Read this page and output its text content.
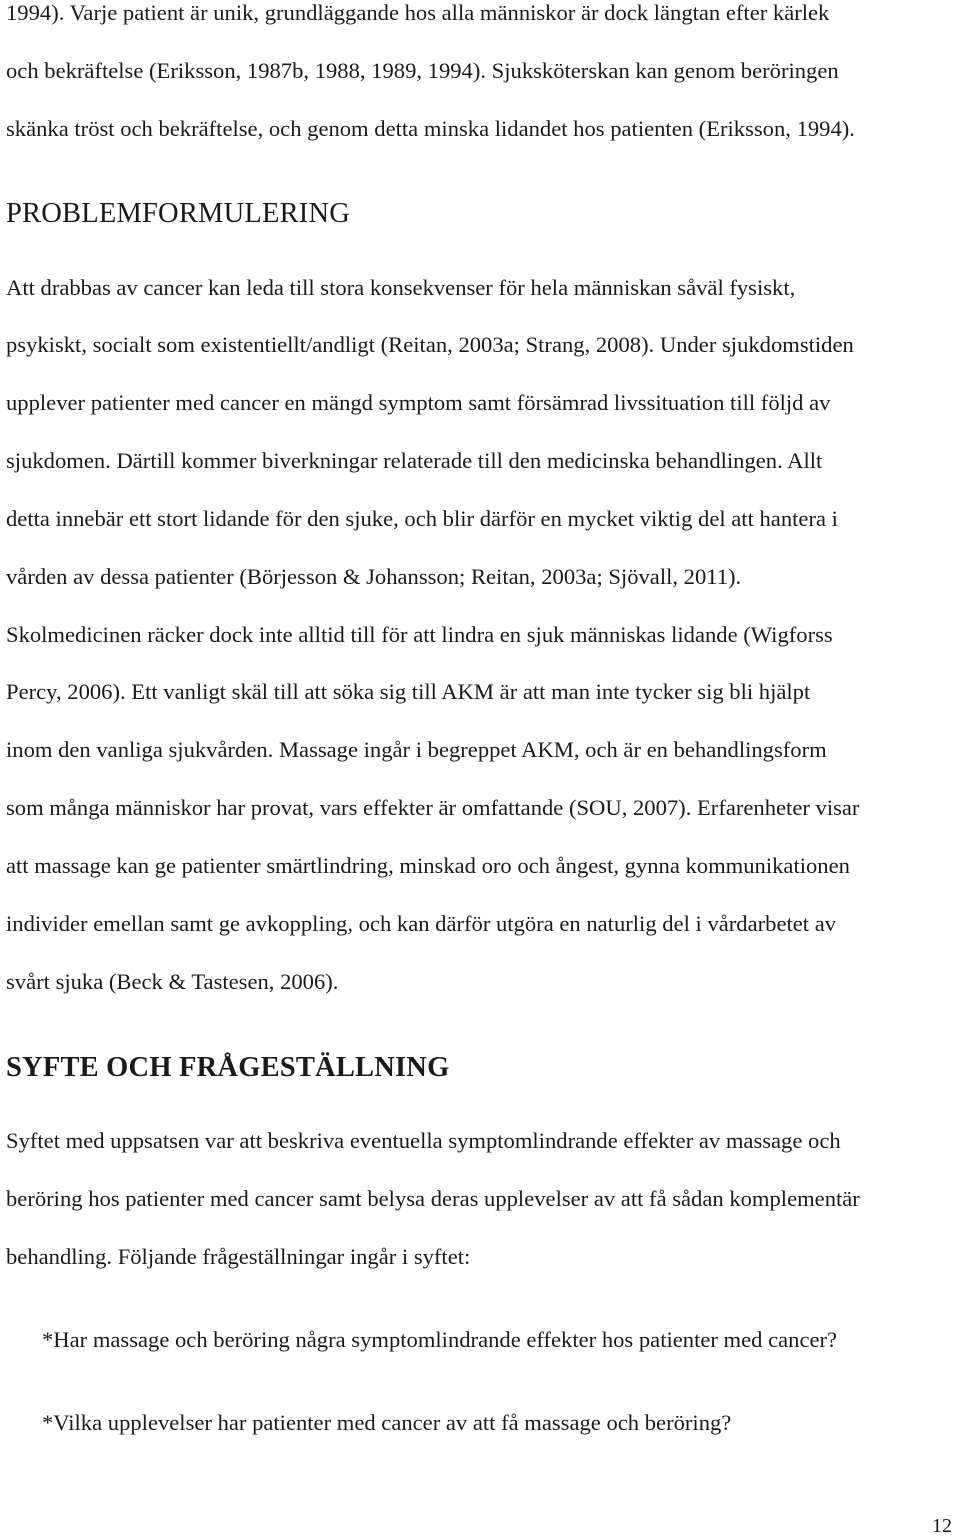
1994). Varje patient är unik, grundläggande hos alla människor är dock längtan efter kärlek

och bekräftelse (Eriksson, 1987b, 1988, 1989, 1994). Sjuksköterskan kan genom beröringen

skänka tröst och bekräftelse, och genom detta minska lidandet hos patienten (Eriksson, 1994).

PROBLEMFORMULERING

Att drabbas av cancer kan leda till stora konsekvenser för hela människan såväl fysiskt,

psykiskt, socialt som existentiellt/andligt (Reitan, 2003a; Strang, 2008). Under sjukdomstiden

upplever patienter med cancer en mängd symptom samt försämrad livssituation till följd av

sjukdomen. Därtill kommer biverkningar relaterade till den medicinska behandlingen. Allt

detta innebär ett stort lidande för den sjuke, och blir därför en mycket viktig del att hantera i

vården av dessa patienter (Börjesson & Johansson; Reitan, 2003a; Sjövall, 2011).

Skolmedicinen räcker dock inte alltid till för att lindra en sjuk människas lidande (Wigforss

Percy, 2006). Ett vanligt skäl till att söka sig till AKM är att man inte tycker sig bli hjälpt

inom den vanliga sjukvården. Massage ingår i begreppet AKM, och är en behandlingsform

som många människor har provat, vars effekter är omfattande (SOU, 2007). Erfarenheter visar

att massage kan ge patienter smärtlindring, minskad oro och ångest, gynna kommunikationen

individer emellan samt ge avkoppling, och kan därför utgöra en naturlig del i vårdarbetet av

svårt sjuka (Beck & Tastesen, 2006).

SYFTE OCH FRÅGESTÄLLNING

Syftet med uppsatsen var att beskriva eventuella symptomlindrande effekter av massage och

beröring hos patienter med cancer samt belysa deras upplevelser av att få sådan komplementär

behandling. Följande frågeställningar ingår i syftet:

*Har massage och beröring några symptomlindrande effekter hos patienter med cancer?

*Vilka upplevelser har patienter med cancer av att få massage och beröring?

12
